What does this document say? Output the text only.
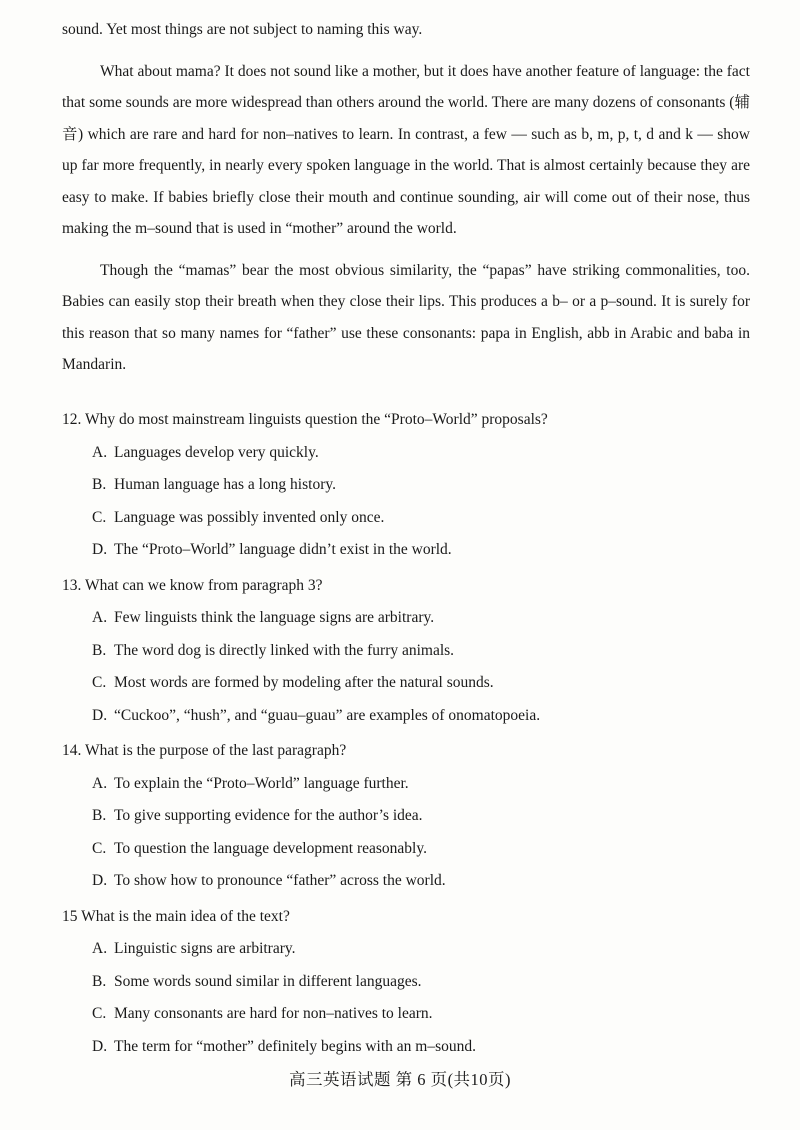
sound. Yet most things are not subject to naming this way.

What about mama? It does not sound like a mother, but it does have another feature of language: the fact that some sounds are more widespread than others around the world. There are many dozens of consonants (辅音) which are rare and hard for non–natives to learn. In contrast, a few — such as b, m, p, t, d and k — show up far more frequently, in nearly every spoken language in the world. That is almost certainly because they are easy to make. If babies briefly close their mouth and continue sounding, air will come out of their nose, thus making the m–sound that is used in “mother” around the world.

Though the “mamas” bear the most obvious similarity, the “papas” have striking commonalities, too. Babies can easily stop their breath when they close their lips. This produces a b– or a p–sound. It is surely for this reason that so many names for “father” use these consonants: papa in English, abb in Arabic and baba in Mandarin.

12. Why do most mainstream linguists question the “Proto–World” proposals?

A. Languages develop very quickly.

B. Human language has a long history.

C. Language was possibly invented only once.

D. The “Proto–World” language didn’t exist in the world.

13. What can we know from paragraph 3?

A. Few linguists think the language signs are arbitrary.

B. The word dog is directly linked with the furry animals.

C. Most words are formed by modeling after the natural sounds.

D. “Cuckoo”, “hush”, and “guau–guau” are examples of onomatopoeia.

14. What is the purpose of the last paragraph?

A. To explain the “Proto–World” language further.

B. To give supporting evidence for the author’s idea.

C. To question the language development reasonably.

D. To show how to pronounce “father” across the world.

15 What is the main idea of the text?

A. Linguistic signs are arbitrary.

B. Some words sound similar in different languages.

C. Many consonants are hard for non–natives to learn.

D. The term for “mother” definitely begins with an m–sound.

高三英语试题 第 6 页(共10页)
